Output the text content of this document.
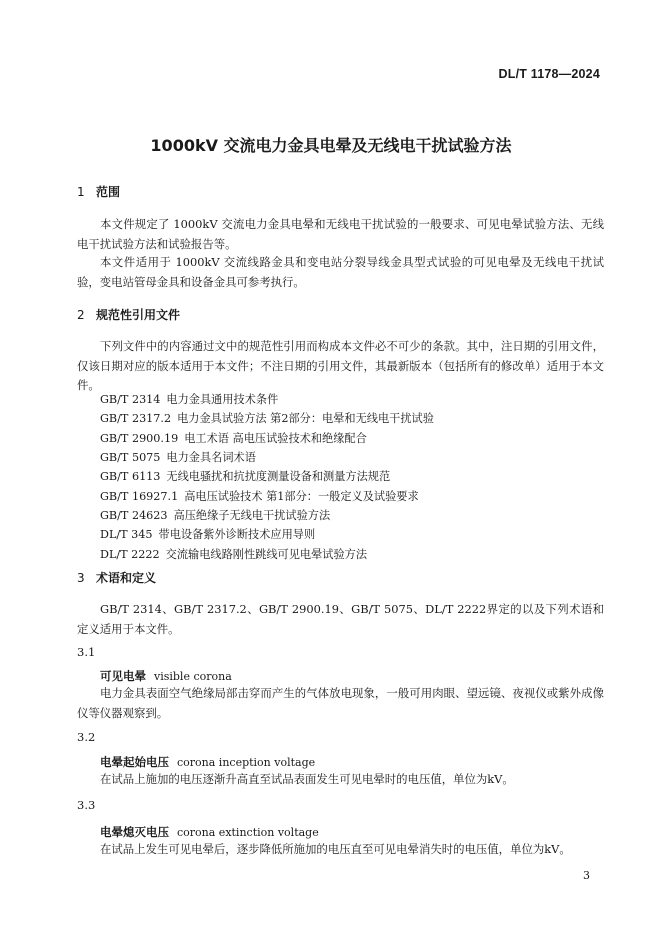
DL/T 1178—2024
1000kV 交流电力金具电晕及无线电干扰试验方法
1 范围
本文件规定了 1000kV 交流电力金具电晕和无线电干扰试验的一般要求、可见电晕试验方法、无线电干扰试验方法和试验报告等。
本文件适用于 1000kV 交流线路金具和变电站分裂导线金具型式试验的可见电晕及无线电干扰试验，变电站管母金具和设备金具可参考执行。
2 规范性引用文件
下列文件中的内容通过文中的规范性引用而构成本文件必不可少的条款。其中，注日期的引用文件，仅该日期对应的版本适用于本文件；不注日期的引用文件，其最新版本（包括所有的修改单）适用于本文件。
GB/T 2314 电力金具通用技术条件
GB/T 2317.2 电力金具试验方法 第2部分：电晕和无线电干扰试验
GB/T 2900.19 电工术语 高电压试验技术和绝缘配合
GB/T 5075 电力金具名词术语
GB/T 6113 无线电骚扰和抗扰度测量设备和测量方法规范
GB/T 16927.1 高电压试验技术 第1部分：一般定义及试验要求
GB/T 24623 高压绝缘子无线电干扰试验方法
DL/T 345 带电设备紫外诊断技术应用导则
DL/T 2222 交流输电线路刚性跳线可见电晕试验方法
3 术语和定义
GB/T 2314、GB/T 2317.2、GB/T 2900.19、GB/T 5075、DL/T 2222界定的以及下列术语和定义适用于本文件。
3.1
可见电晕 visible corona
电力金具表面空气绝缘局部击穿而产生的气体放电现象，一般可用肉眼、望远镜、夜视仪或紫外成像仪等仪器观察到。
3.2
电晕起始电压 corona inception voltage
在试品上施加的电压逐渐升高直至试品表面发生可见电晕时的电压值，单位为kV。
3.3
电晕熄灭电压 corona extinction voltage
在试品上发生可见电晕后，逐步降低所施加的电压直至可见电晕消失时的电压值，单位为kV。
3
